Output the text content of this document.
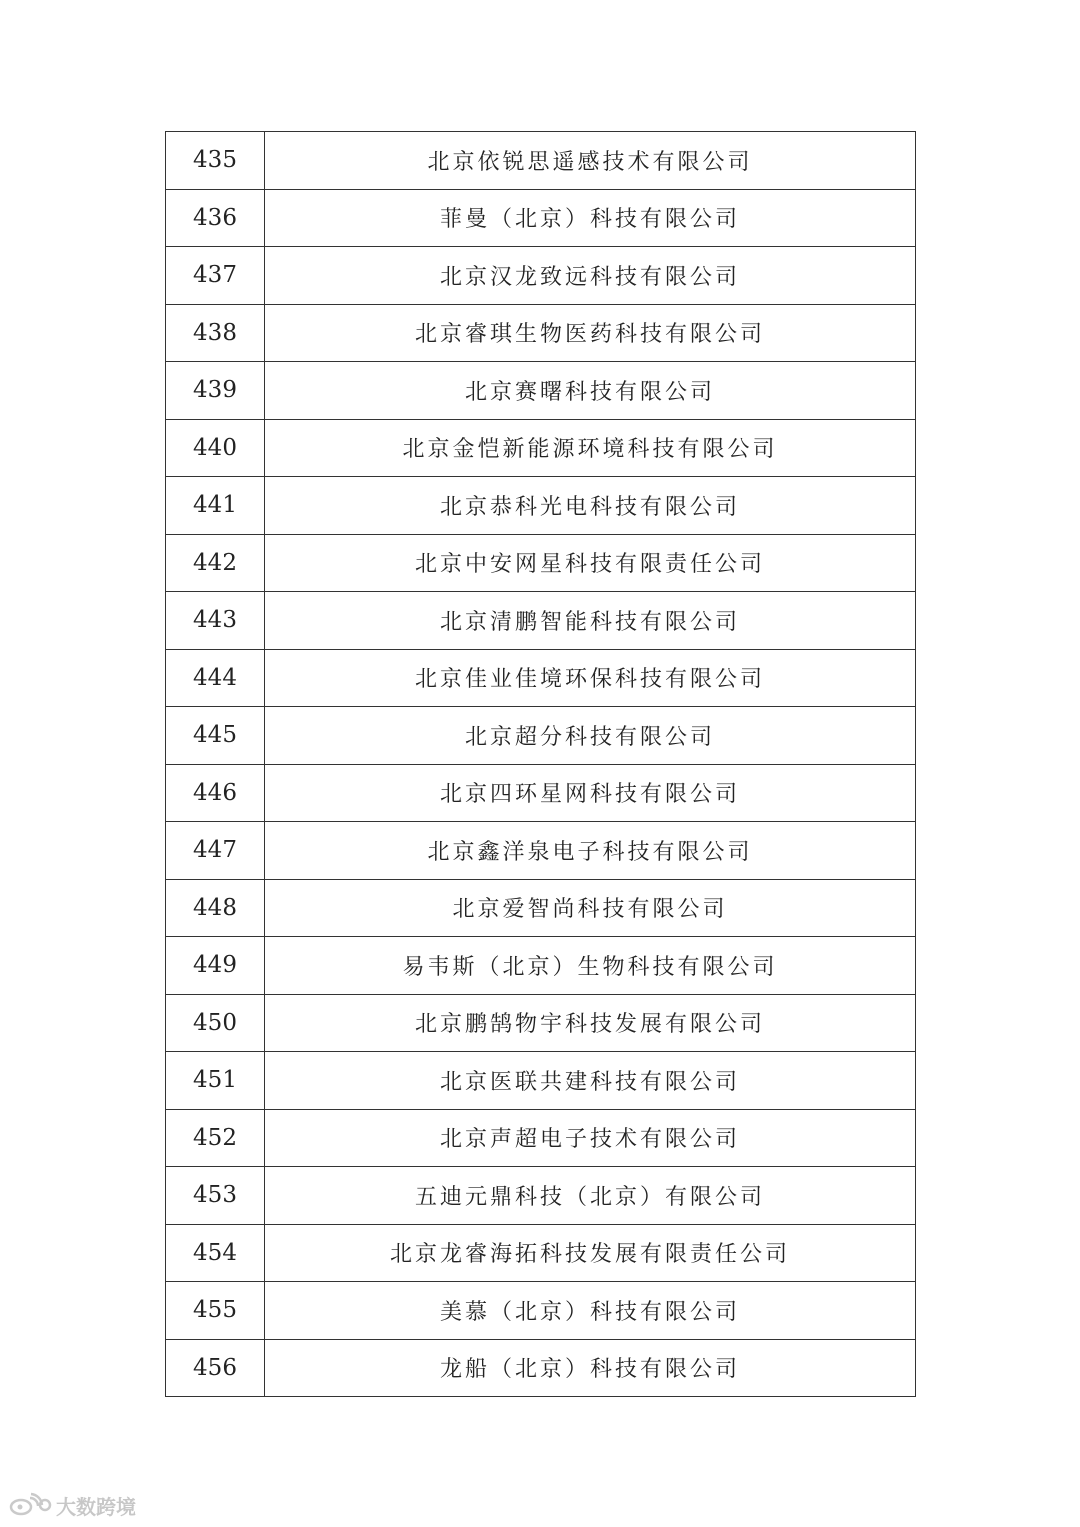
435	北京依锐思遥感技术有限公司
436	菲曼（北京）科技有限公司
437	北京汉龙致远科技有限公司
438	北京睿琪生物医药科技有限公司
439	北京赛曙科技有限公司
440	北京金恺新能源环境科技有限公司
441	北京恭科光电科技有限公司
442	北京中安网星科技有限责任公司
443	北京清鹏智能科技有限公司
444	北京佳业佳境环保科技有限公司
445	北京超分科技有限公司
446	北京四环星网科技有限公司
447	北京鑫洋泉电子科技有限公司
448	北京爱智尚科技有限公司
449	易韦斯（北京）生物科技有限公司
450	北京鹏鹄物宇科技发展有限公司
451	北京医联共建科技有限公司
452	北京声超电子技术有限公司
453	五迪元鼎科技（北京）有限公司
454	北京龙睿海拓科技发展有限责任公司
455	美慕（北京）科技有限公司
456	龙船（北京）科技有限公司
大数跨境
